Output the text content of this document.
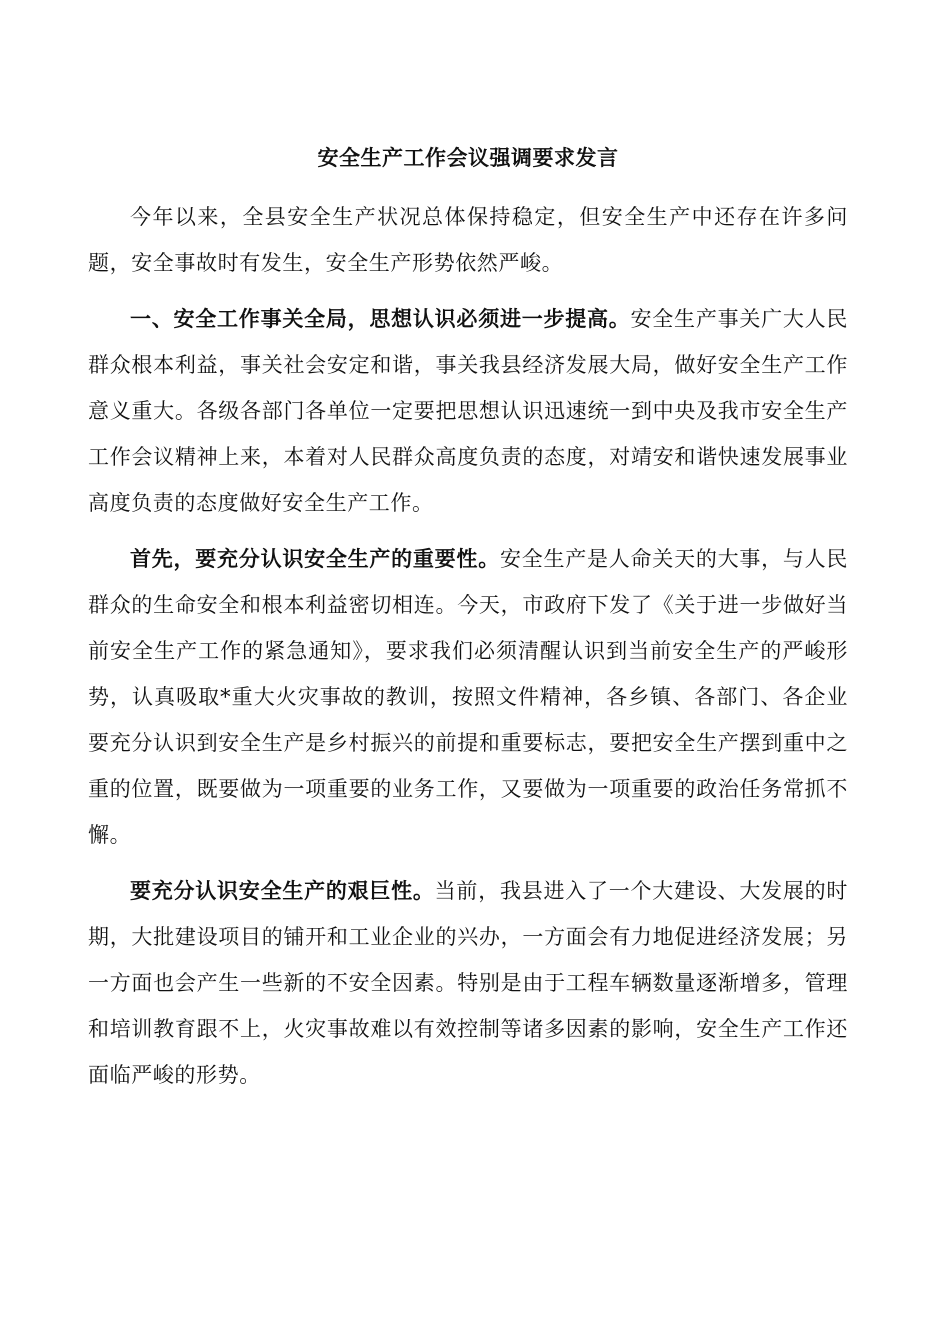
安全生产工作会议强调要求发言

今年以来，全县安全生产状况总体保持稳定，但安全生产中还存在许多问题，安全事故时有发生，安全生产形势依然严峻。

一、安全工作事关全局，思想认识必须进一步提高。安全生产事关广大人民群众根本利益，事关社会安定和谐，事关我县经济发展大局，做好安全生产工作意义重大。各级各部门各单位一定要把思想认识迅速统一到中央及我市安全生产工作会议精神上来，本着对人民群众高度负责的态度，对靖安和谐快速发展事业高度负责的态度做好安全生产工作。

首先，要充分认识安全生产的重要性。安全生产是人命关天的大事，与人民群众的生命安全和根本利益密切相连。今天，市政府下发了《关于进一步做好当前安全生产工作的紧急通知》，要求我们必须清醒认识到当前安全生产的严峻形势，认真吸取*重大火灾事故的教训，按照文件精神，各乡镇、各部门、各企业要充分认识到安全生产是乡村振兴的前提和重要标志，要把安全生产摆到重中之重的位置，既要做为一项重要的业务工作，又要做为一项重要的政治任务常抓不懈。

要充分认识安全生产的艰巨性。当前，我县进入了一个大建设、大发展的时期，大批建设项目的铺开和工业企业的兴办，一方面会有力地促进经济发展；另一方面也会产生一些新的不安全因素。特别是由于工程车辆数量逐渐增多，管理和培训教育跟不上，火灾事故难以有效控制等诸多因素的影响，安全生产工作还面临严峻的形势。
